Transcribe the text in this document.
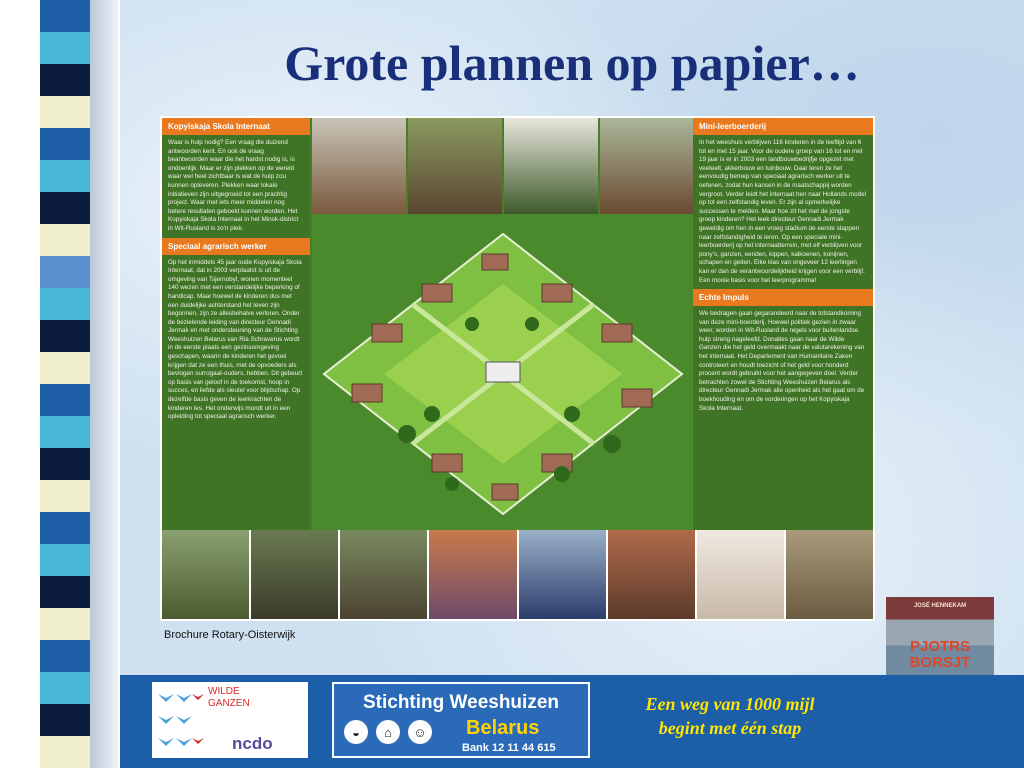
Grote plannen op papier…
Kopyiskaja Skola Internaat
Waar is hulp nodig? Een vraag die duizend antwoorden kent. En ook de vraag beantwoorden waar die het hardst nodig is, is ondoenlijk. Maar er zijn plekken op de wereld waar wel heel zichtbaar is wat de hulp zou kunnen opleveren. Plekken waar lokale initiatieven zijn uitgegroeid tot een prachtig project. Waar met iets meer middelen nog betere resultaten geboekt kunnen worden. Het Kopyiskaja Skola Internaat in het Minsk-district in Wit-Rusland is zo'n plek.
Speciaal agrarisch werker
Op het inmiddels 45 jaar oude Kopyiskaja Skola Internaat, dat in 2003 verplaatst is uit de omgeving van Tsjernobyl, wonen momenteel 140 wezen met een verstandelijke beperking of handicap. Maar hoewel de kinderen dus met een duidelijke achterstand het leven zijn begonnen, zijn ze allesbehalve verloren. Onder de bezielende leiding van directeur Gennadi Jermak en met ondersteuning van de Stichting Weeshuizen Belarus van Ria Schraverus wordt in de eerste plaats een gezinsomgeving geschapen, waarin de kinderen het gevoel krijgen dat ze een thuis, met de opvoeders als bevlogen surrogaat-ouders, hebben. Dit gebeurt op basis van geloof in de toekomst, hoop in succes, en liefde als sleutel voor blijdschap. Op dezelfde basis geven de leerkrachten de kinderen les. Het onderwijs mondt uit in een opleiding tot speciaal agrarisch werker.
Mini-leerboerderij
In het weeshuis verblijven 116 kinderen in de leeftijd van 6 tot en met 15 jaar. Voor de oudere groep van 16 tot en met 19 jaar is er in 2003 een landbouwbedrijfje opgezet met veeteelt, akkerbouw en tuinbouw. Daar leren ze het eenvoudig beroep van speciaal agrarisch werker uit te oefenen, zodat hun kansen in de maatschappij worden vergroot. Verder leidt het internaat hen naar Hollands model op tot een zelfstandig leven. Er zijn al opmerkelijke successen te melden. Maar hoe zit het met de jongste groep kinderen? Het leek directeur Gennadi Jermak geweldig om hen in een vroeg stadium de eerste stappen naar zelfstandigheid te leren. Op een speciale mini-leerboerderij op het internaatterrein, met elf verblijven voor pony's, ganzen, eenden, kippen, kalkoenen, konijnen, schapen en geiten. Elke klas van ongeveer 12 leerlingen kan er dan de verantwoordelijkheid krijgen voor een verblijf. Een mooie basis voor het leerprogramma!
Echte Impuls
We bedragen gaan gegarandeerd naar de totstandkoming van deze mini-boerderij. Hoewel politiek gezien in zwaar weer, worden in Wit-Rusland de regels voor buitenlandse hulp streng nageleefd. Donaties gaan naar de Wilde Ganzen die het geld overmaakt naar de valutarekening van het internaat. Het Departement van Humanitaire Zaken controleert en houdt toezicht of het geld voor honderd procent wordt gebruikt voor het aangegeven doel. Verder betrachten zowel de Stichting Weeshuizen Belarus als directeur Gennadi Jermak alle openheid als het gaat om de boekhouding en om de vorderingen op het Kopyiskaja Skola Internaat.
Brochure Rotary-Oisterwijk
JOSÉ HENNEKAM
PJOTRS
BORSJT
WILDE
GANZEN
ncdo
Stichting Weeshuizen
◒	⌂	☺ Belarus
Bank 12 11 44 615
Een weg van 1000 mijl
begint met één stap
